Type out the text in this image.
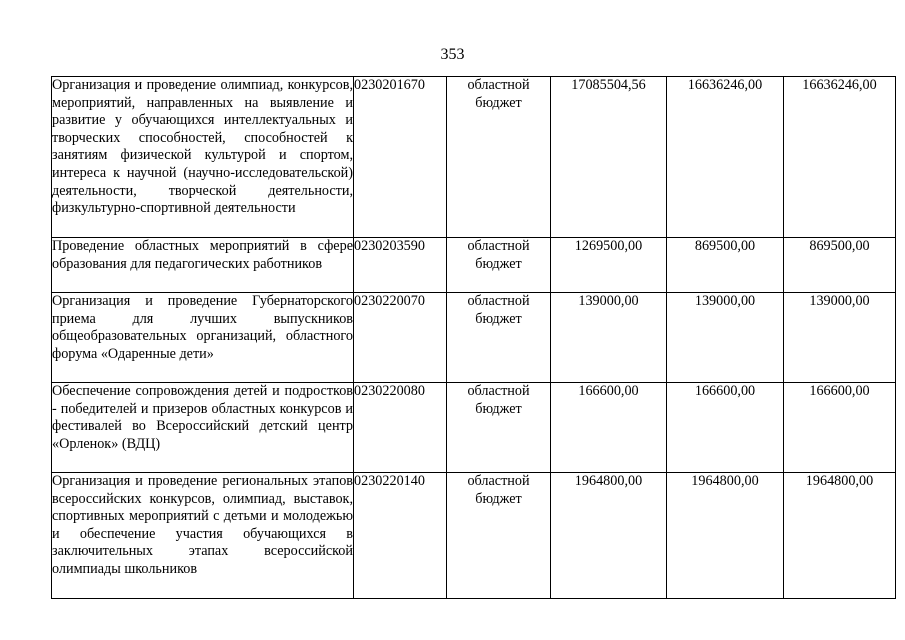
353
Организация и проведение олимпиад, конкурсов, мероприятий, направленных на выявление и развитие у обучающихся интеллектуальных и творческих способностей, способностей к занятиям физической культурой и спортом, интереса к научной (научно-исследовательской) деятельности, творческой деятельности, физкультурно-спортивной деятельности	0230201670	областной бюджет	17085504,56	16636246,00	16636246,00
Проведение областных мероприятий в сфере образования для педагогических работников	0230203590	областной бюджет	1269500,00	869500,00	869500,00
Организация и проведение Губернаторского приема для лучших выпускников общеобразовательных организаций, областного форума «Одаренные дети»	0230220070	областной бюджет	139000,00	139000,00	139000,00
Обеспечение сопровождения детей и подростков - победителей и призеров областных конкурсов и фестивалей во Всероссийский детский центр «Орленок» (ВДЦ)	0230220080	областной бюджет	166600,00	166600,00	166600,00
Организация и проведение региональных этапов всероссийских конкурсов, олимпиад, выставок, спортивных мероприятий с детьми и молодежью и обеспечение участия обучающихся в заключительных этапах всероссийской олимпиады школьников	0230220140	областной бюджет	1964800,00	1964800,00	1964800,00
